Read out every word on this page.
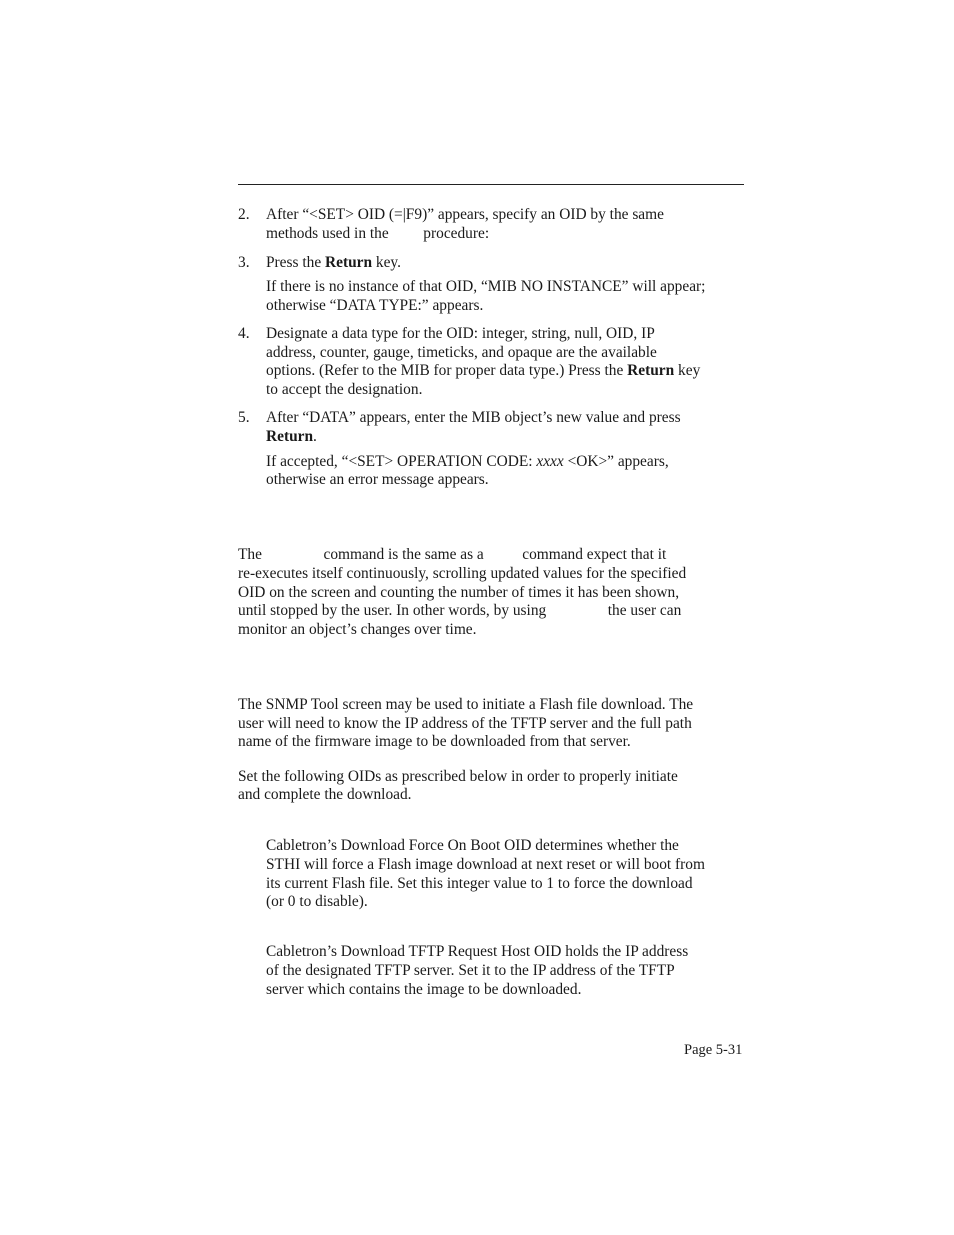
2. After “<SET> OID (=|F9)” appears, specify an OID by the same
methods used in the         procedure:
3. Press the Return key.
If there is no instance of that OID, “MIB NO INSTANCE” will appear;
otherwise “DATA TYPE:” appears.
4. Designate a data type for the OID: integer, string, null, OID, IP
address, counter, gauge, timeticks, and opaque are the available
options. (Refer to the MIB for proper data type.) Press the Return key
to accept the designation.
5. After “DATA” appears, enter the MIB object’s new value and press
Return.
If accepted, “<SET> OPERATION CODE: xxxx <OK>” appears,
otherwise an error message appears.
The                command is the same as a          command expect that it
re-executes itself continuously, scrolling updated values for the specified
OID on the screen and counting the number of times it has been shown,
until stopped by the user. In other words, by using                the user can
monitor an object’s changes over time.
The SNMP Tool screen may be used to initiate a Flash file download. The
user will need to know the IP address of the TFTP server and the full path
name of the firmware image to be downloaded from that server.
Set the following OIDs as prescribed below in order to properly initiate
and complete the download.
Cabletron’s Download Force On Boot OID determines whether the
STHI will force a Flash image download at next reset or will boot from
its current Flash file. Set this integer value to 1 to force the download
(or 0 to disable).
Cabletron’s Download TFTP Request Host OID holds the IP address
of the designated TFTP server. Set it to the IP address of the TFTP
server which contains the image to be downloaded.
Page 5-31
